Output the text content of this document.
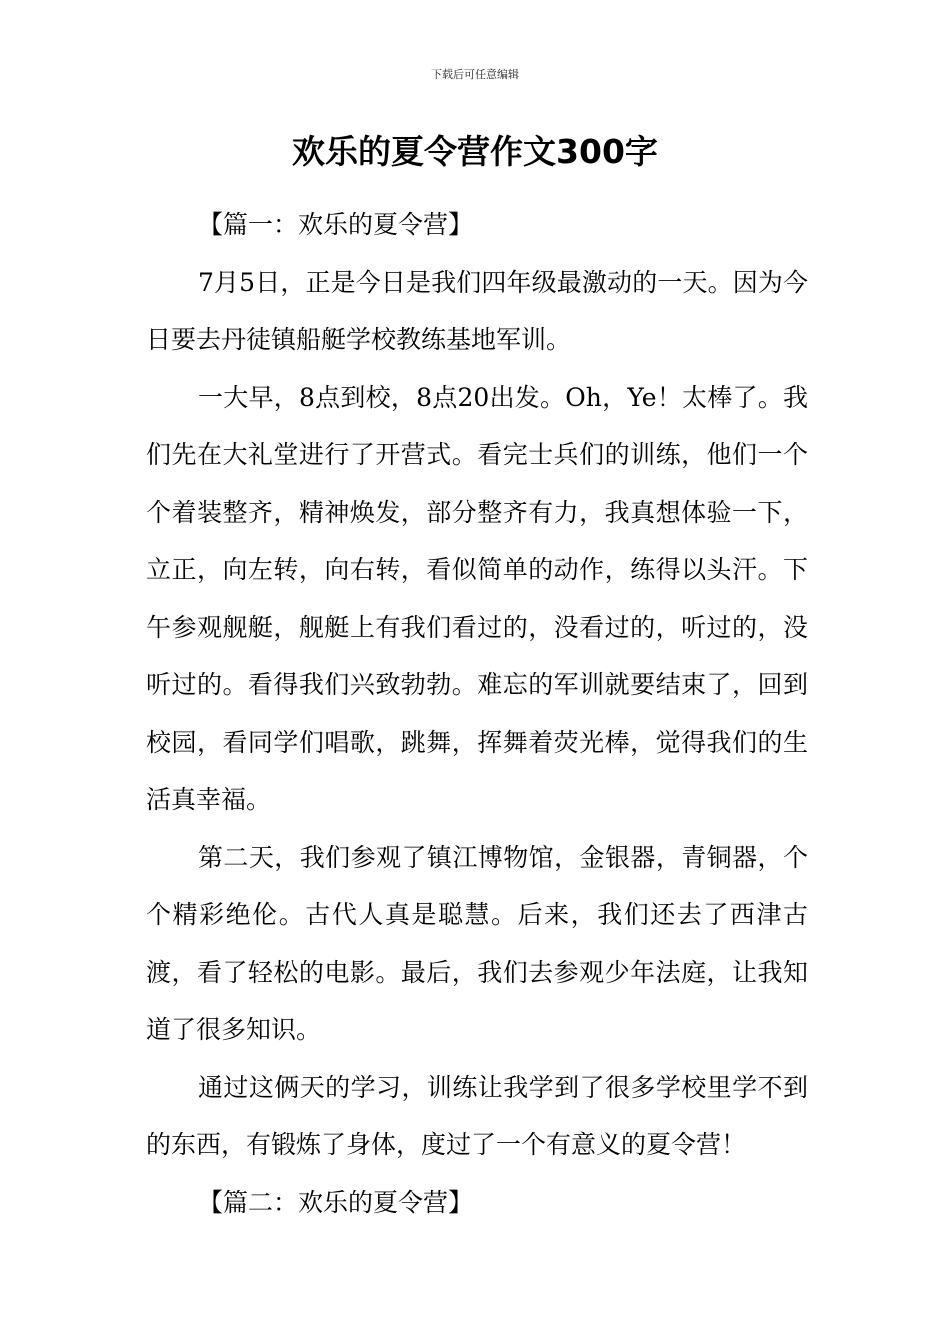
下载后可任意编辑
欢乐的夏令营作文300字

【篇一：欢乐的夏令营】

7月5日，正是今日是我们四年级最激动的一天。因为今日要去丹徒镇船艇学校教练基地军训。

一大早，8点到校，8点20出发。Oh，Ye！太棒了。我们先在大礼堂进行了开营式。看完士兵们的训练，他们一个个着装整齐，精神焕发，部分整齐有力，我真想体验一下，立正，向左转，向右转，看似简单的动作，练得以头汗。下午参观舰艇，舰艇上有我们看过的，没看过的，听过的，没听过的。看得我们兴致勃勃。难忘的军训就要结束了，回到校园，看同学们唱歌，跳舞，挥舞着荧光棒，觉得我们的生活真幸福。

第二天，我们参观了镇江博物馆，金银器，青铜器，个个精彩绝伦。古代人真是聪慧。后来，我们还去了西津古渡，看了轻松的电影。最后，我们去参观少年法庭，让我知道了很多知识。

通过这俩天的学习，训练让我学到了很多学校里学不到的东西，有锻炼了身体，度过了一个有意义的夏令营！

【篇二：欢乐的夏令营】
